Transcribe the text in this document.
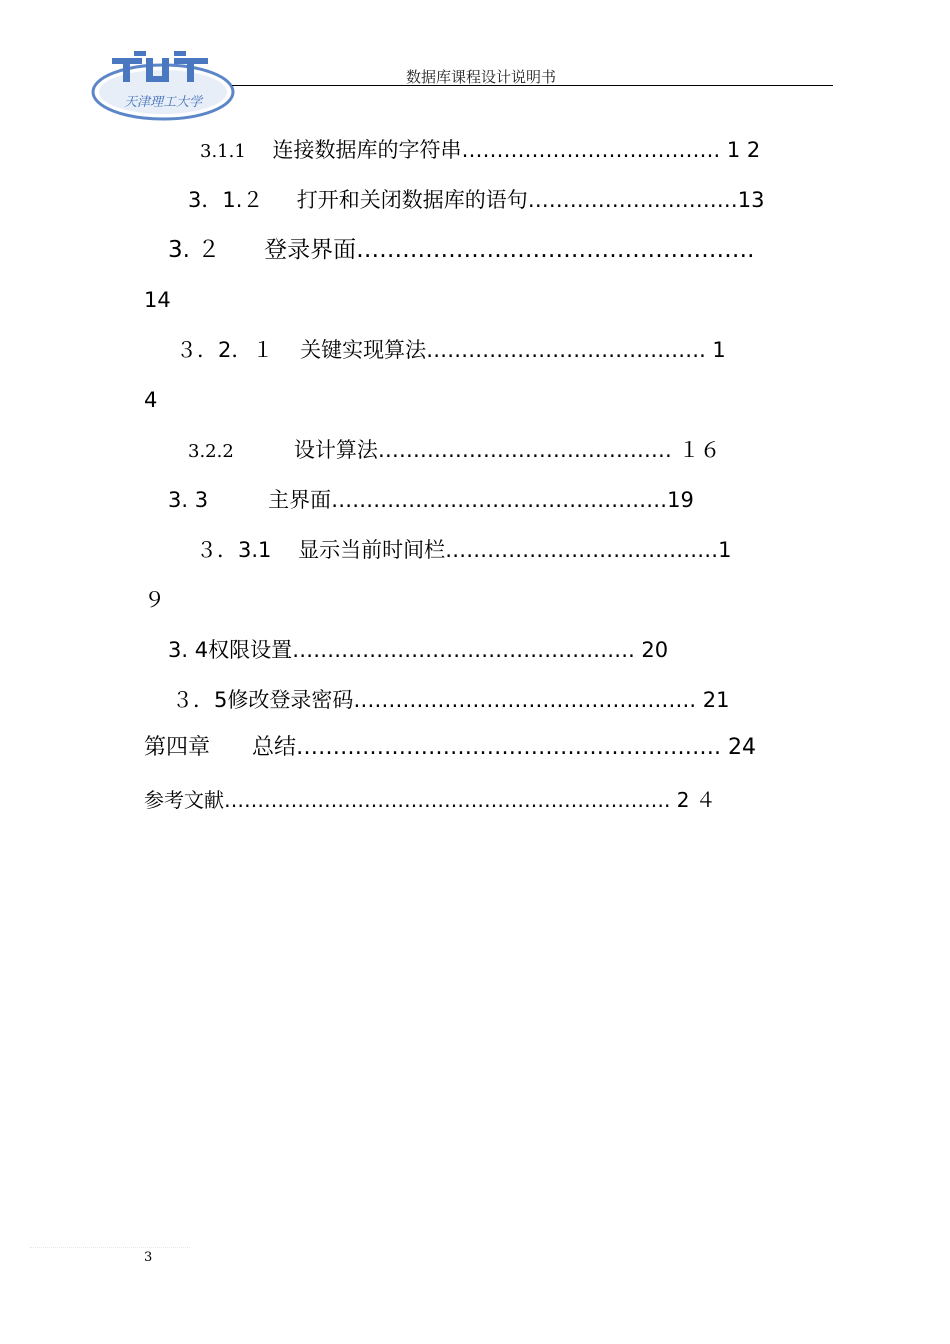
天津理工大学
数据库课程设计说明书
3.1.1 连接数据库的字符串………………………………. 1 2
3．1.２ 打开和关闭数据库的语句…………………………13
3. ２ 登录界面…………………………………………….
14
３．2．１ 关键实现算法…………………………………. 1
4
3.2.2	设计算法…………………………………… １６
3. 3	主界面…………………………………………19
３．3.1 显示当前时间栏…………………………………1
９
3. 4权限设置…………………………………………. 20
３．5修改登录密码…………………………………………. 21
第四章 总结…………………………………………………. 24
参考文献…………………………………………………………. 2 ４
3
